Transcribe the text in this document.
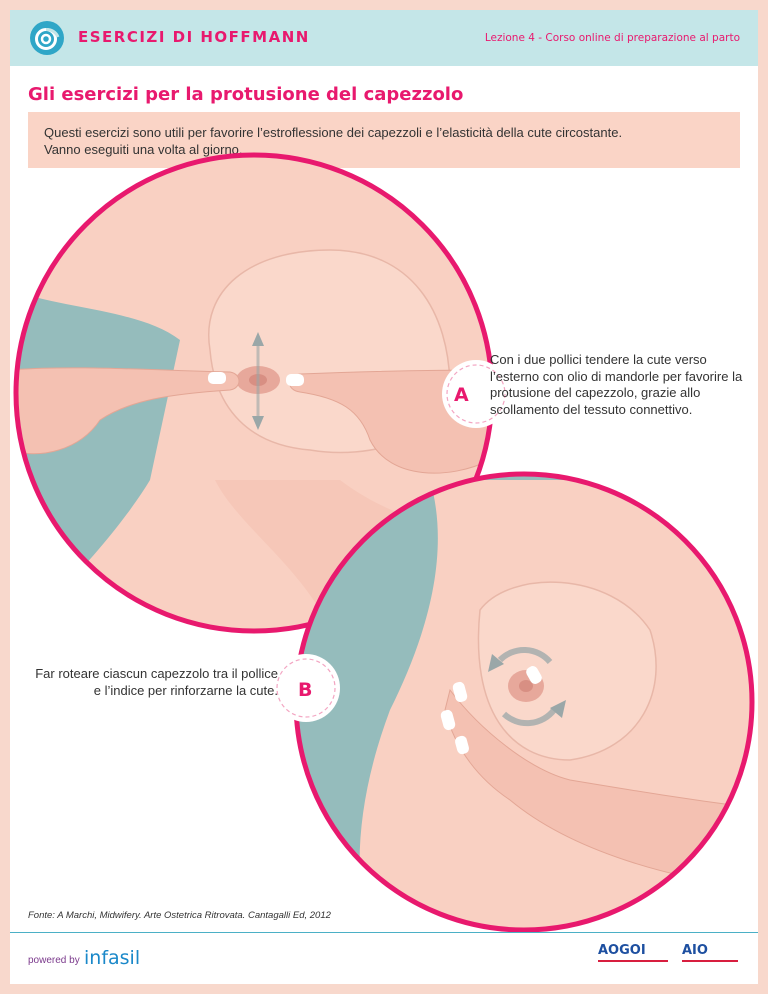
ESERCIZI DI HOFFMANN	Lezione 4 - Corso online di preparazione al parto
Gli esercizi per la protusione del capezzolo
Questi esercizi sono utili per favorire l’estroflessione dei capezzoli e l’elasticità della cute circostante.
Vanno eseguiti una volta al giorno.
A
B
Con i due pollici tendere la cute verso l’esterno con olio di mandorle per favorire la protusione del capezzolo, grazie allo scollamento del tessuto connettivo.
Far roteare ciascun capezzolo tra il pollice e l’indice per rinforzarne la cute.
Fonte: A Marchi, Midwifery. Arte Ostetrica Ritrovata. Cantagalli Ed, 2012
powered by infasil	AOGOI	AIO
